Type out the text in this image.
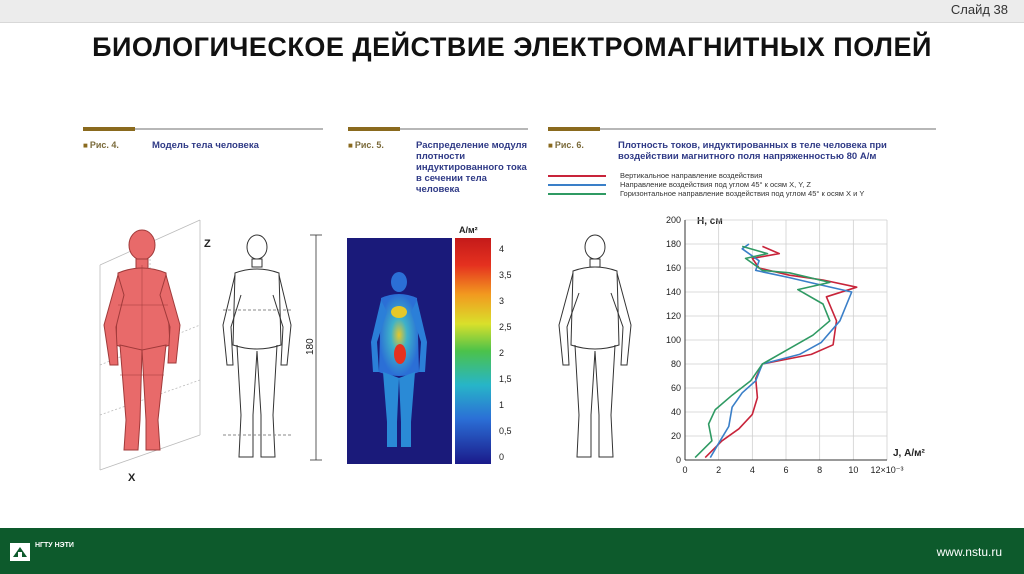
Слайд 38
БИОЛОГИЧЕСКОЕ ДЕЙСТВИЕ ЭЛЕКТРОМАГНИТНЫХ ПОЛЕЙ
■ Рис. 4.	Модель тела человека
■	Рис. 5.	Распределение модуля плотности индуктированного тока в сечении тела человека
■ Рис. 6.	Плотность токов, индуктированных в теле человека при воздействии магнитного поля напряженностью 80 А/м
Вертикальное направление воздействия
Направление воздействия под углом 45° к осям X, Y, Z
Горизонтальное направление воздействия под углом 45° к осям X и Y
Z
X
180
А/м²
4
3,5
3
2,5
2
1,5
1
0,5
0
H, см
J, А/м²
0
20
40
60
80
100
120
140
160
180
200
0	2	4	6	8	10 12×10⁻³
НГТУ НЭТИ	www.nstu.ru
